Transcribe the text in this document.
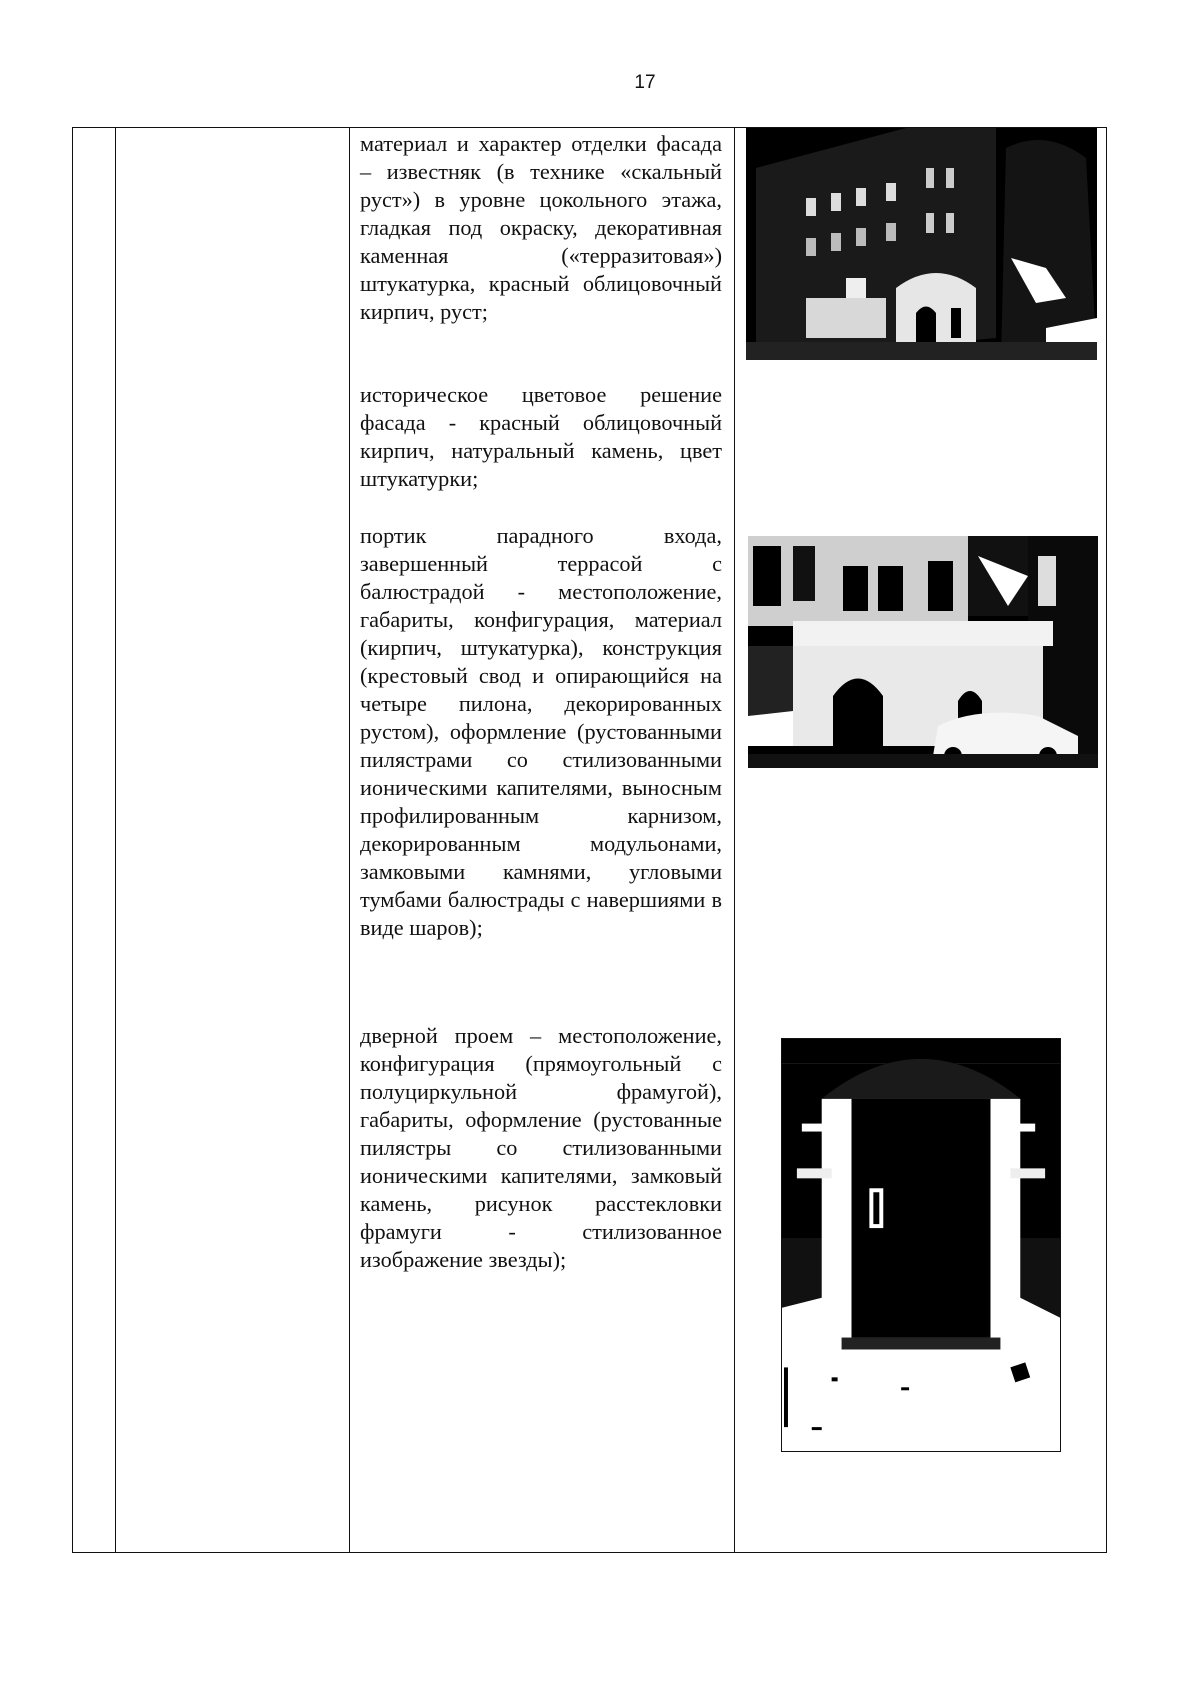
17
материал и характер отделки фасада – известняк (в технике «скальный руст») в уровне цокольного этажа, гладкая под окраску, декоративная каменная («терразитовая») штукатурка, красный облицовочный кирпич, руст;
историческое цветовое решение фасада - красный облицовочный кирпич, натуральный камень, цвет штукатурки;
портик парадного входа, завершенный террасой с балюстрадой - местоположение, габариты, конфигурация, материал (кирпич, штукатурка), конструкция (крестовый свод и опирающийся на четыре пилона, декорированных рустом), оформление (рустованными пилястрами со стилизованными ионическими капителями, выносным профилированным карнизом, декорированным модульонами, замковыми камнями, угловыми тумбами балюстрады с навершиями в виде шаров);
дверной проем – местоположение, конфигурация (прямоугольный с полуциркульной фрамугой), габариты, оформление (рустованные пилястры со стилизованными ионическими капителями, замковый камень, рисунок расстекловки фрамуги - стилизованное изображение звезды);
